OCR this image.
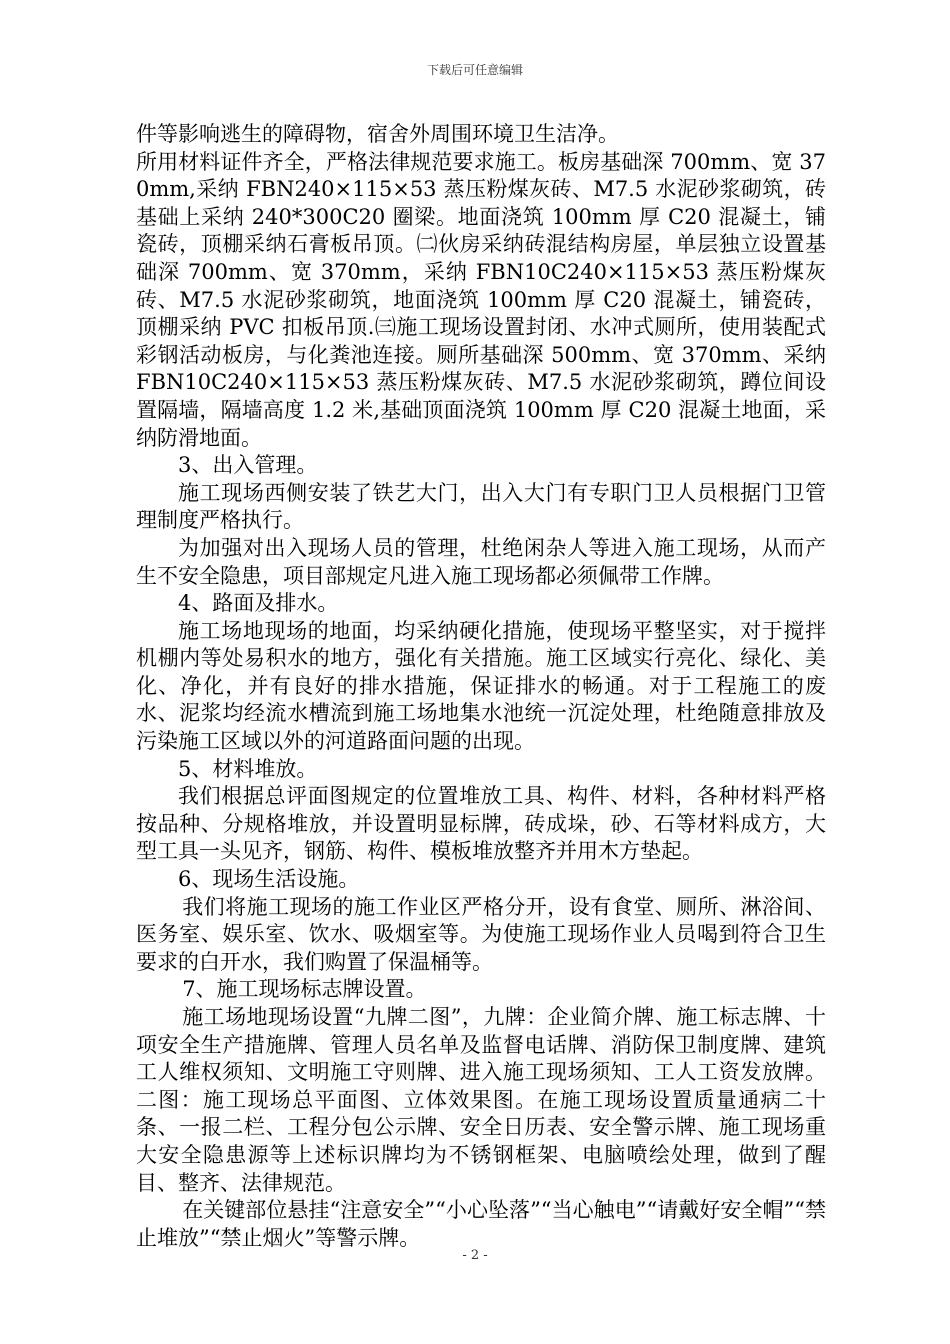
下载后可任意编辑

件等影响逃生的障碍物，宿舍外周围环境卫生洁净。

所用材料证件齐全，严格法律规范要求施工。板房基础深 700mm、宽 370mm,采纳 FBN240×115×53 蒸压粉煤灰砖、M7.5 水泥砂浆砌筑，砖基础上采纳 240*300C20 圈梁。地面浇筑 100mm 厚 C20 混凝土，铺瓷砖，顶棚采纳石膏板吊顶。㈡伙房采纳砖混结构房屋，单层独立设置基础深 700mm、宽 370mm，采纳 FBN10C240×115×53 蒸压粉煤灰砖、M7.5 水泥砂浆砌筑，地面浇筑 100mm 厚 C20 混凝土，铺瓷砖，顶棚采纳 PVC 扣板吊顶.㈢施工现场设置封闭、水冲式厕所，使用装配式彩钢活动板房，与化粪池连接。厕所基础深 500mm、宽 370mm、采纳 FBN10C240×115×53 蒸压粉煤灰砖、M7.5 水泥砂浆砌筑，蹲位间设置隔墙，隔墙高度 1.2 米,基础顶面浇筑 100mm 厚 C20 混凝土地面，采纳防滑地面。

3、出入管理。

施工现场西侧安装了铁艺大门，出入大门有专职门卫人员根据门卫管理制度严格执行。

为加强对出入现场人员的管理，杜绝闲杂人等进入施工现场，从而产生不安全隐患，项目部规定凡进入施工现场都必须佩带工作牌。

4、路面及排水。

施工场地现场的地面，均采纳硬化措施，使现场平整坚实，对于搅拌机棚内等处易积水的地方，强化有关措施。施工区域实行亮化、绿化、美化、净化，并有良好的排水措施，保证排水的畅通。对于工程施工的废水、泥浆均经流水槽流到施工场地集水池统一沉淀处理，杜绝随意排放及污染施工区域以外的河道路面问题的出现。

5、材料堆放。

我们根据总评面图规定的位置堆放工具、构件、材料，各种材料严格按品种、分规格堆放，并设置明显标牌，砖成垛，砂、石等材料成方，大型工具一头见齐，钢筋、构件、模板堆放整齐并用木方垫起。

6、现场生活设施。

我们将施工现场的施工作业区严格分开，设有食堂、厕所、淋浴间、医务室、娱乐室、饮水、吸烟室等。为使施工现场作业人员喝到符合卫生要求的白开水，我们购置了保温桶等。

7、施工现场标志牌设置。

施工场地现场设置“九牌二图”，九牌：企业简介牌、施工标志牌、十项安全生产措施牌、管理人员名单及监督电话牌、消防保卫制度牌、建筑工人维权须知、文明施工守则牌、进入施工现场须知、工人工资发放牌。二图：施工现场总平面图、立体效果图。在施工现场设置质量通病二十条、一报二栏、工程分包公示牌、安全日历表、安全警示牌、施工现场重大安全隐患源等上述标识牌均为不锈钢框架、电脑喷绘处理，做到了醒目、整齐、法律规范。

在关键部位悬挂“注意安全”“小心坠落”“当心触电”“请戴好安全帽”“禁止堆放”“禁止烟火”等警示牌。

- 2 -
